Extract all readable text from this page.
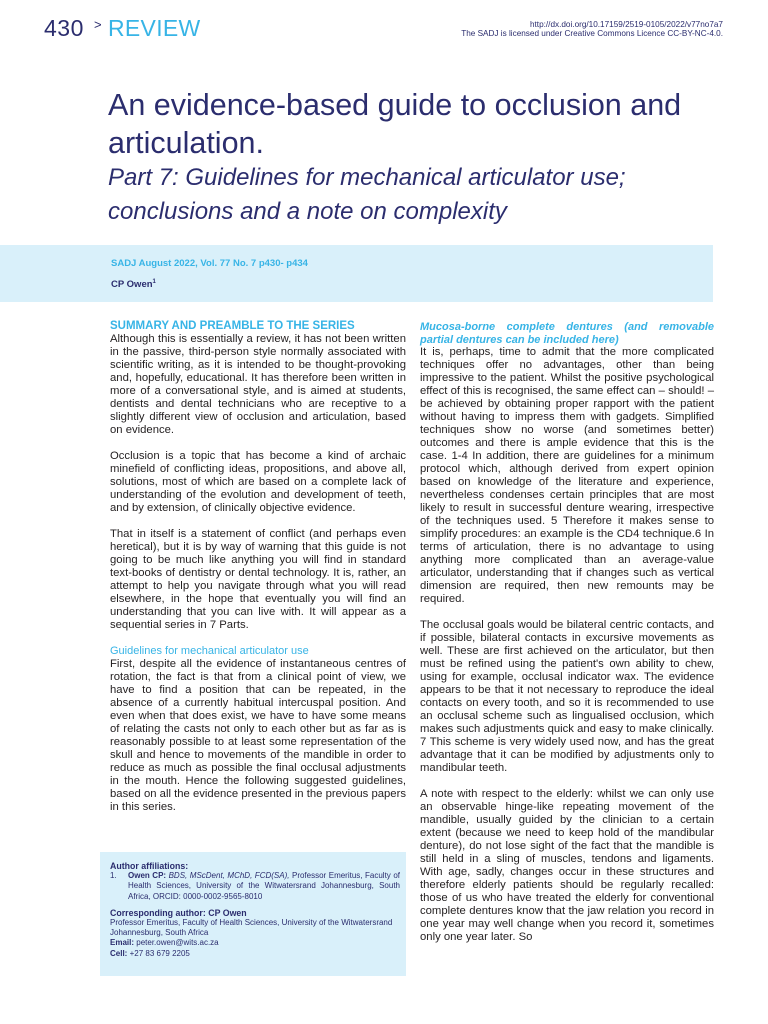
430 > REVIEW	http://dx.doi.org/10.17159/2519-0105/2022/v77no7a7
The SADJ is licensed under Creative Commons Licence CC-BY-NC-4.0.
An evidence-based guide to occlusion and articulation.
Part 7: Guidelines for mechanical articulator use; conclusions and a note on complexity
SADJ August 2022, Vol. 77 No. 7 p430- p434
CP Owen$^1$
SUMMARY AND PREAMBLE TO THE SERIES

Although this is essentially a review, it has not been written in the passive, third-person style normally associated with scientific writing, as it is intended to be thought-provoking and, hopefully, educational. It has therefore been written in more of a conversational style, and is aimed at students, dentists and dental technicians who are receptive to a slightly different view of occlusion and articulation, based on evidence.

Occlusion is a topic that has become a kind of archaic minefield of conflicting ideas, propositions, and above all, solutions, most of which are based on a complete lack of understanding of the evolution and development of teeth, and by extension, of clinically objective evidence.

That in itself is a statement of conflict (and perhaps even heretical), but it is by way of warning that this guide is not going to be much like anything you will find in standard text-books of dentistry or dental technology. It is, rather, an attempt to help you navigate through what you will read elsewhere, in the hope that eventually you will find an understanding that you can live with. It will appear as a sequential series in 7 Parts.

Guidelines for mechanical articulator use

First, despite all the evidence of instantaneous centres of rotation, the fact is that from a clinical point of view, we have to find a position that can be repeated, in the absence of a currently habitual intercuspal position. And even when that does exist, we have to have some means of relating the casts not only to each other but as far as is reasonably possible to at least some representation of the skull and hence to movements of the mandible in order to reduce as much as possible the final occlusal adjustments in the mouth. Hence the following suggested guidelines, based on all the evidence presented in the previous papers in this series.

Author affiliations:
1.	Owen CP: BDS, MScDent, MChD, FCD(SA), Professor Emeritus, Faculty of Health Sciences, University of the Witwatersrand Johannesburg, South Africa, ORCID: 0000-0002-9565-8010
Corresponding author: CP Owen
Professor Emeritus, Faculty of Health Sciences, University of the Witwatersrand Johannesburg, South Africa
Email: peter.owen@wits.ac.za
Cell: +27 83 679 2205
Mucosa-borne complete dentures (and removable partial dentures can be included here)

It is, perhaps, time to admit that the more complicated techniques offer no advantages, other than being impressive to the patient. Whilst the positive psychological effect of this is recognised, the same effect can – should! – be achieved by obtaining proper rapport with the patient without having to impress them with gadgets. Simplified techniques show no worse (and sometimes better) outcomes and there is ample evidence that this is the case. 1-4 In addition, there are guidelines for a minimum protocol which, although derived from expert opinion based on knowledge of the literature and experience, nevertheless condenses certain principles that are most likely to result in successful denture wearing, irrespective of the techniques used. 5 Therefore it makes sense to simplify procedures: an example is the CD4 technique.6 In terms of articulation, there is no advantage to using anything more complicated than an average-value articulator, understanding that if changes such as vertical dimension are required, then new remounts may be required.

The occlusal goals would be bilateral centric contacts, and if possible, bilateral contacts in excursive movements as well. These are first achieved on the articulator, but then must be refined using the patient's own ability to chew, using for example, occlusal indicator wax. The evidence appears to be that it not necessary to reproduce the ideal contacts on every tooth, and so it is recommended to use an occlusal scheme such as lingualised occlusion, which makes such adjustments quick and easy to make clinically. 7 This scheme is very widely used now, and has the great advantage that it can be modified by adjustments only to mandibular teeth.

A note with respect to the elderly: whilst we can only use an observable hinge-like repeating movement of the mandible, usually guided by the clinician to a certain extent (because we need to keep hold of the mandibular denture), do not lose sight of the fact that the mandible is still held in a sling of muscles, tendons and ligaments. With age, sadly, changes occur in these structures and therefore elderly patients should be regularly recalled: those of us who have treated the elderly for conventional complete dentures know that the jaw relation you record in one year may well change when you record it, sometimes only one year later. So
